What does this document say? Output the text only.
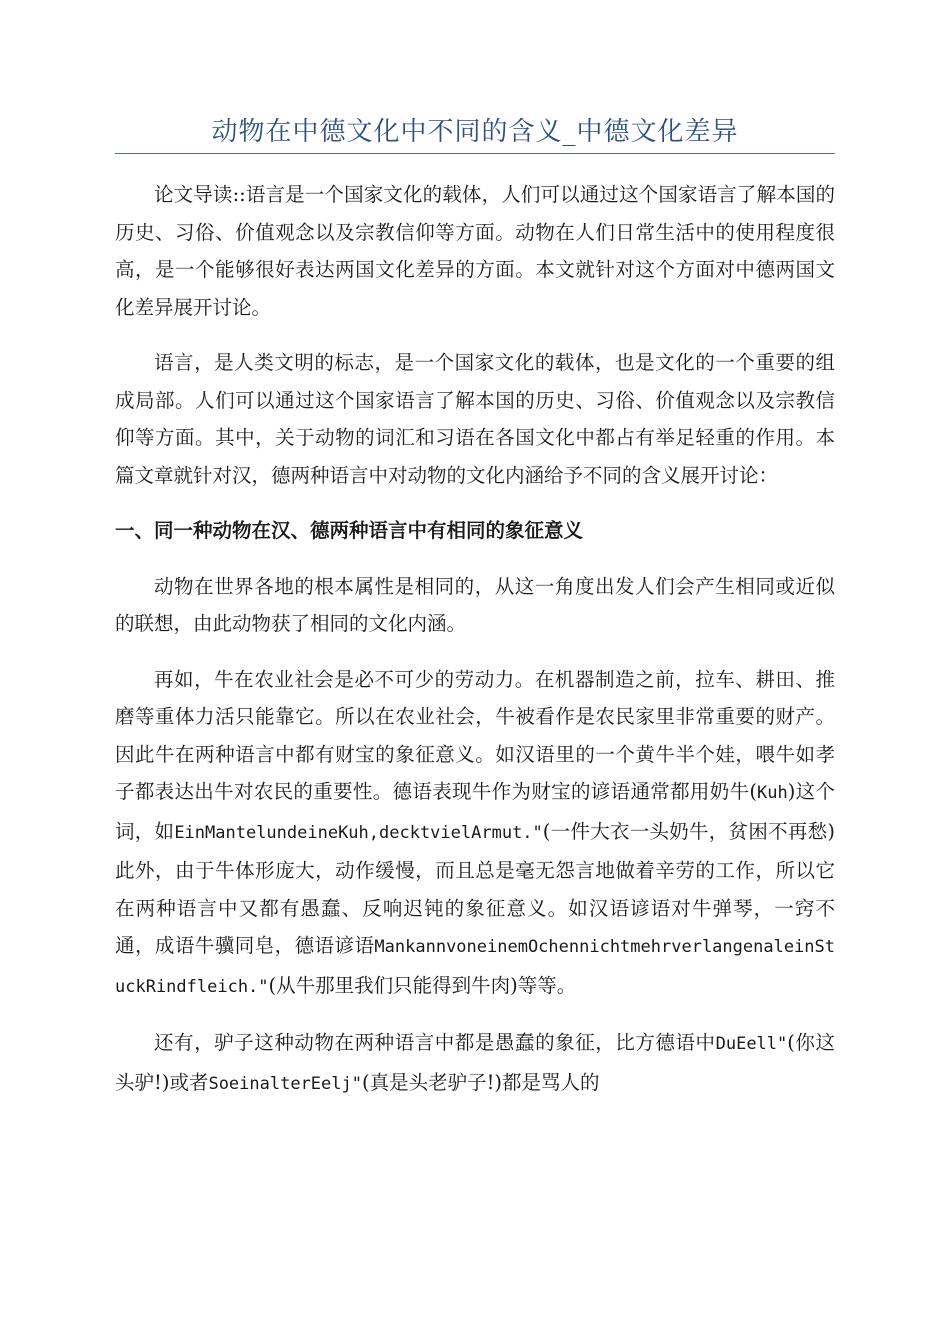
动物在中德文化中不同的含义_中德文化差异

论文导读::语言是一个国家文化的载体，人们可以通过这个国家语言了解本国的历史、习俗、价值观念以及宗教信仰等方面。动物在人们日常生活中的使用程度很高，是一个能够很好表达两国文化差异的方面。本文就针对这个方面对中德两国文化差异展开讨论。

语言，是人类文明的标志，是一个国家文化的载体，也是文化的一个重要的组成局部。人们可以通过这个国家语言了解本国的历史、习俗、价值观念以及宗教信仰等方面。其中，关于动物的词汇和习语在各国文化中都占有举足轻重的作用。本篇文章就针对汉，德两种语言中对动物的文化内涵给予不同的含义展开讨论：

一、同一种动物在汉、德两种语言中有相同的象征意义

动物在世界各地的根本属性是相同的，从这一角度出发人们会产生相同或近似的联想，由此动物获了相同的文化内涵。

再如，牛在农业社会是必不可少的劳动力。在机器制造之前，拉车、耕田、推磨等重体力活只能靠它。所以在农业社会，牛被看作是农民家里非常重要的财产。因此牛在两种语言中都有财宝的象征意义。如汉语里的一个黄牛半个娃，喂牛如孝子都表达出牛对农民的重要性。德语表现牛作为财宝的谚语通常都用奶牛(Kuh)这个词，如EinMantelundeineKuh,decktvielArmut."(一件大衣一头奶牛，贫困不再愁)此外，由于牛体形庞大，动作缓慢，而且总是毫无怨言地做着辛劳的工作，所以它在两种语言中又都有愚蠢、反响迟钝的象征意义。如汉语谚语对牛弹琴，一窍不通，成语牛骥同皂，德语谚语MankannvoneinemOchennichtmehrverlangenaleinStuckRindfleich."(从牛那里我们只能得到牛肉)等等。

还有，驴子这种动物在两种语言中都是愚蠢的象征，比方德语中DuEell"(你这头驴!)或者SoeinalterEelj"(真是头老驴子!)都是骂人的
